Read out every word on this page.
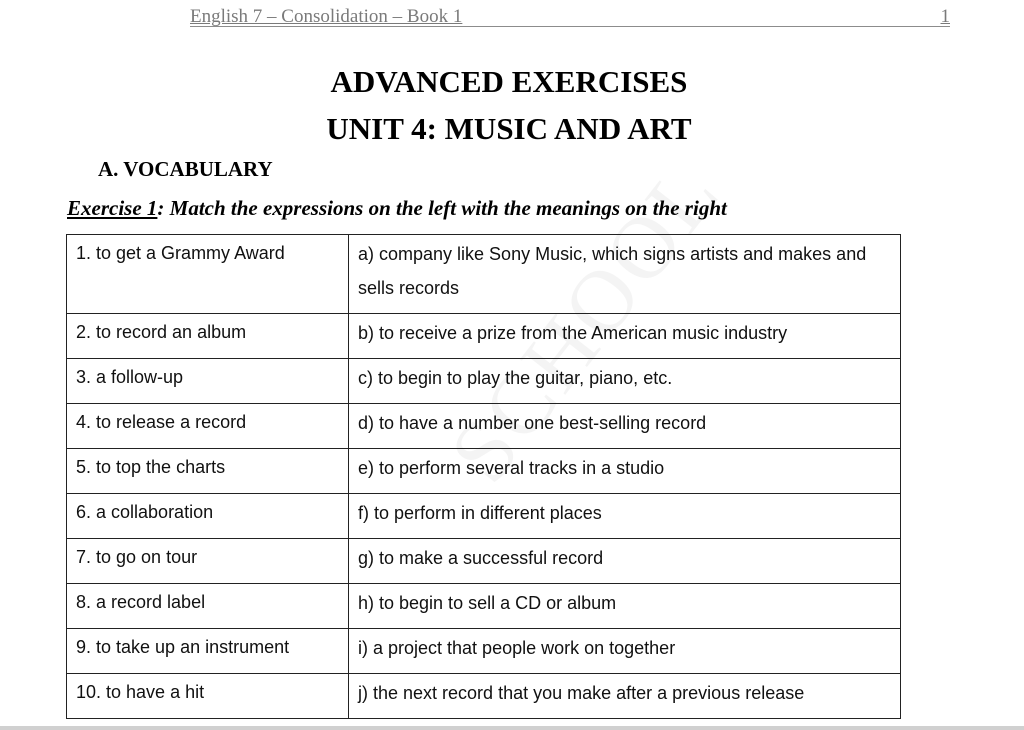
English 7 – Consolidation – Book 1	1
ADVANCED EXERCISES
UNIT 4: MUSIC AND ART
A. VOCABULARY
Exercise 1: Match the expressions on the left with the meanings on the right
1. to get a Grammy Award	a) company like Sony Music, which signs artists and makes and sells records
2. to record an album	b) to receive a prize from the American music industry
3. a follow-up	c) to begin to play the guitar, piano, etc.
4. to release a record	d) to have a number one best-selling record
5. to top the charts	e) to perform several tracks in a studio
6. a collaboration	f) to perform in different places
7. to go on tour	g) to make a successful record
8. a record label	h) to begin to sell a CD or album
9. to take up an instrument	i) a project that people work on together
10. to have a hit	j) the next record that you make after a previous release
